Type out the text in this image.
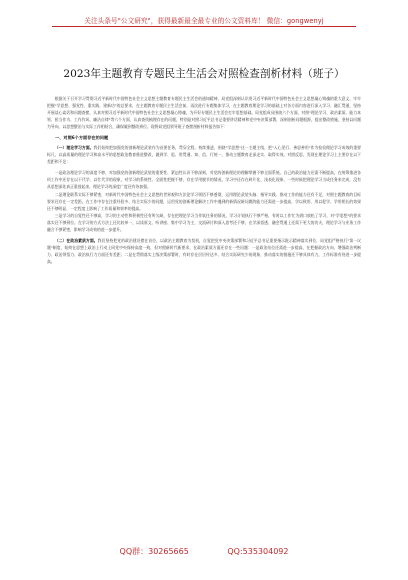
关注头条号"公文研究"，获得最新最全最专业的公文资料库！ 微信：gongwenyj
2023年主题教育专题民主生活会对照检查剖析材料（班子）

根据关于召开学习贯彻习近平新时代中国特色社会主义思想主题教育专题民主生活会的通知精神，局党组深刻认识用习近平新时代中国特色社会主义思想凝心铸魂的重大意义，牢牢把握"学思想、强党性、重实践、建新功"的总要求，在主题教育专题民主生活会前，再次进行专题集体学习，在主题教育理论学习的基础上对各方面内容进行深入学习、融汇贯通，坚持开展谈心谈话和问题查摆，认真对照习近平新时代中国特色社会主义思想凝心铸魂，为开好专题民主生活会打牢思想基础。局党组成员围绕六个方面，对照"理论学习、政治素质、能力本领、担当作为、工作作风、廉洁自律"等六个方面，认真查找梳理存在的问题，特别是对照习近平总书记重要讲话精神和党中央决策部署，深刻剖析问题根源，提出整改措施，坚持以问题为导向，以思想整治与实际工作相结合，确保做到整改到位。现将局党组领导班子查摆剖析材料报告如下：

一、对照6个方面存在的问题

（一）理论学习方面。我们始终把加强党的创新理论武装作为首要任务，贯穿全程、持续推进，围绕"学思想"这一主题主线，把"入心见行、善思善用"作为检验理论学习成效的重要标尺，以高质量的理论学习和高水平的思想政治教育推进整改，做到学、思、用贯通、知、信、行统一，推动主题教育走深走实、取得实效。对照反思，发现在理论学习上主要存在以下差距和不足：

一是政治理论学习的深度不够，对加强党的创新理论武装的重要性、紧迫性认识不够深刻、对党的创新理论的理解掌握不够全面系统。自己的政治能力还需不断提高，在统筹推进各项工作中还存在以干代学、以忙代学的现象，对学习的系统性、全面性把握不够，存在学用脱节的情况，学习中还存在碎片化、浅表化现象，一些时候把理论学习当成任务来完成，没有从思想深处真正重视起来，理论学习的深度广度还有待加强。

二是理论联系实际不够紧密，对新时代中国特色社会主义思想的世界观和方法论学习领悟不够透彻，运用理论武装头脑、指导实践、推动工作的能力还有不足，对照主题教育的目标要求还存在一定差距。在工作中存在注重经验多、结合实际少的问题，运用党的创新理论解决工作中遇到的新情况新问题的能力还需进一步提高，学以致用、用以促学、学用相长的效果还不够明显，一定程度上影响了工作质量和效率的提高。

三是学习的自觉性还不够高，学习的主动性和积极性还有所欠缺，存在把理论学习当作软任务的情况，学习计划执行不够严格，有时以工作忙为借口放松了学习，对"学思想"的要求落实还不够到位。在学习的方式方法上还比较单一，以读原文、听讲座、集中学习为主，交流研讨和深入思考还不够，在学深悟透、融会贯通上还需下更大的功夫，理论学习与业务工作融合不够紧密，影响学习成效的进一步提升。

（二）在政治素质方面。我们坚持把党的政治建设摆在首位，以政治主题教育为契机，自觉把党中央决策部署和习近平总书记重要指示批示精神落实到位，局党组严格执行"第一议题"制度，始终在思想上政治上行动上同党中央保持高度一致，但对照新时代新要求，在政治素质方面还存在一些问题：一是政治站位还需进一步提高，在把握政治方向、增强政治判断力、政治领悟力、政治执行力方面还有差距；二是在贯彻落实上级决策部署时，有时存在层层传达多、结合实际研究少的现象，推动落实的措施还不够具体有力，工作标准有待进一步提高。

QQ群：30265665	QQ:535304092
